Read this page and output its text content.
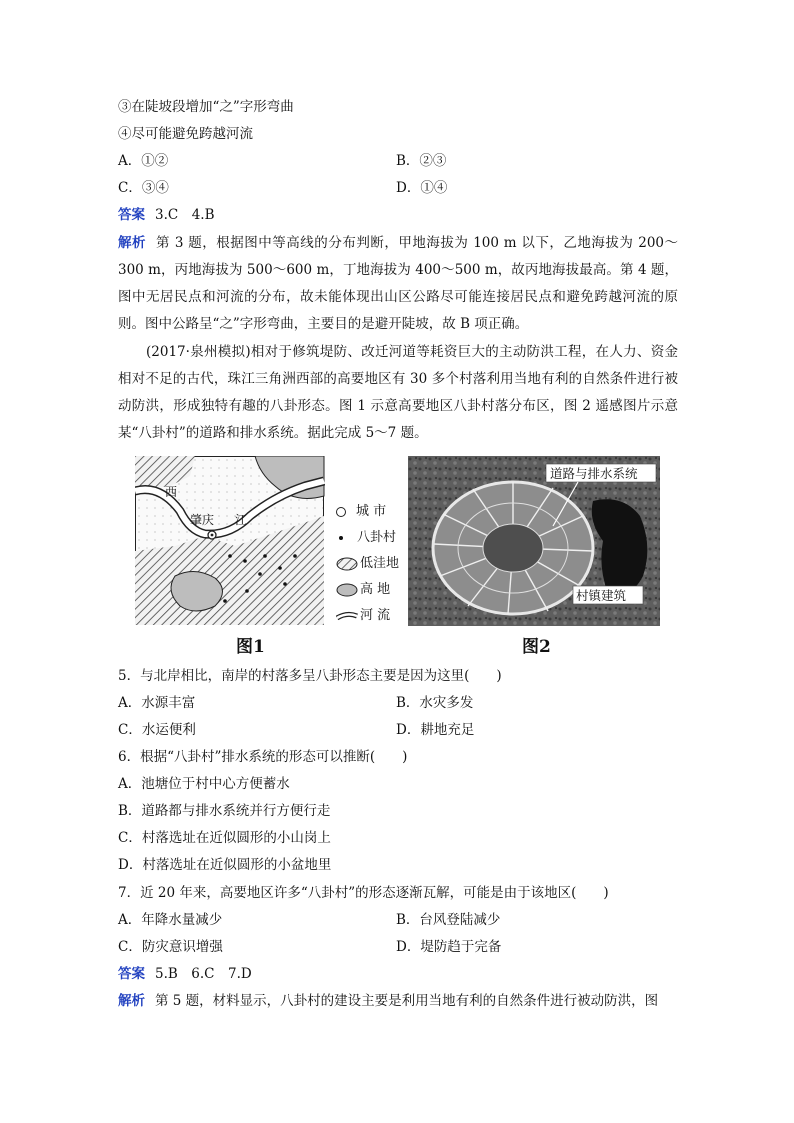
③在陡坡段增加“之”字形弯曲
④尽可能避免跨越河流
A．①②	B．②③
C．③④	D．①④
答案 3.C　4.B
解析 第 3 题，根据图中等高线的分布判断，甲地海拔为 100 m 以下，乙地海拔为 200～300 m，丙地海拔为 500～600 m，丁地海拔为 400～500 m，故丙地海拔最高。第 4 题，图中无居民点和河流的分布，故未能体现出山区公路尽可能连接居民点和避免跨越河流的原则。图中公路呈“之”字形弯曲，主要目的是避开陡坡，故 B 项正确。
(2017·泉州模拟)相对于修筑堤防、改迁河道等耗资巨大的主动防洪工程，在人力、资金相对不足的古代，珠江三角洲西部的高要地区有 30 多个村落利用当地有利的自然条件进行被动防洪，形成独特有趣的八卦形态。图 1 示意高要地区八卦村落分布区，图 2 遥感图片示意某“八卦村”的道路和排水系统。据此完成 5～7 题。
西
肇庆 江
城 市
八卦村
低洼地
高 地
河 流
图1
道路与排水系统
村镇建筑
图2
5．与北岸相比，南岸的村落多呈八卦形态主要是因为这里(　　)
A．水源丰富	B．水灾多发
C．水运便利	D．耕地充足
6．根据“八卦村”排水系统的形态可以推断(　　)
A．池塘位于村中心方便蓄水
B．道路都与排水系统并行方便行走
C．村落选址在近似圆形的小山岗上
D．村落选址在近似圆形的小盆地里
7．近 20 年来，高要地区许多“八卦村”的形态逐渐瓦解，可能是由于该地区(　　)
A．年降水量减少	B．台风登陆减少
C．防灾意识增强	D．堤防趋于完备
答案 5.B　6.C　7.D
解析 第 5 题，材料显示，八卦村的建设主要是利用当地有利的自然条件进行被动防洪，图
